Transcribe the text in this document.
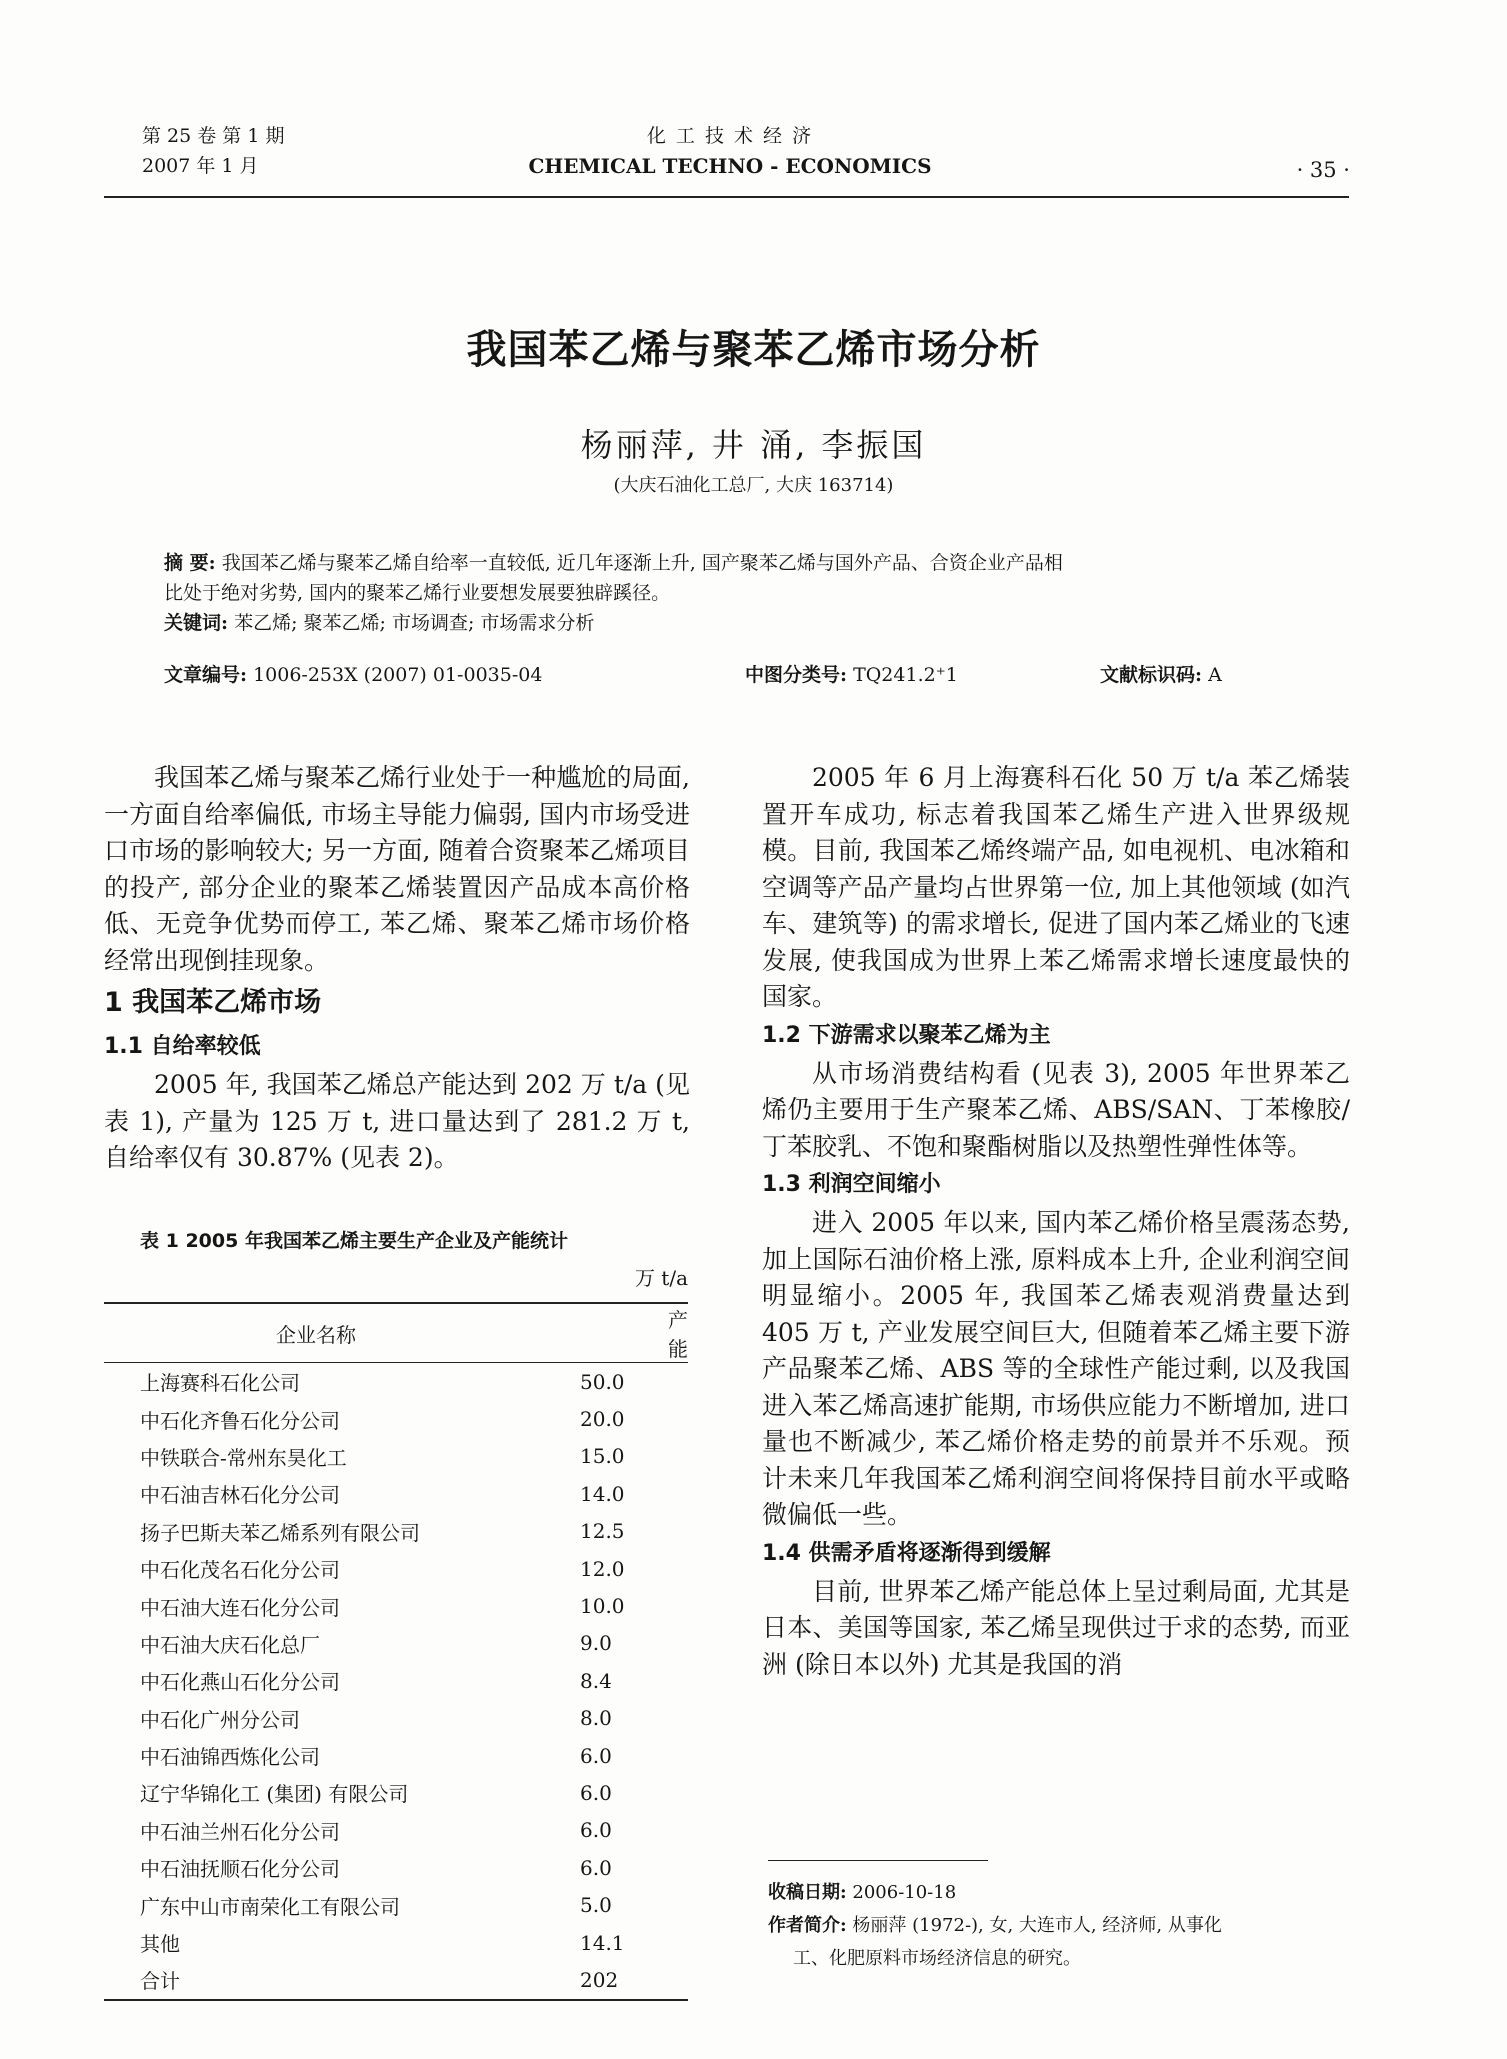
第 25 卷 第 1 期
2007 年 1 月
化 工 技 术 经 济
CHEMICAL TECHNO - ECONOMICS	· 35 ·
我国苯乙烯与聚苯乙烯市场分析
杨丽萍, 井 涌, 李振国
(大庆石油化工总厂, 大庆 163714)
摘 要: 我国苯乙烯与聚苯乙烯自给率一直较低, 近几年逐渐上升, 国产聚苯乙烯与国外产品、合资企业产品相
比处于绝对劣势, 国内的聚苯乙烯行业要想发展要独辟蹊径。
关键词: 苯乙烯; 聚苯乙烯; 市场调查; 市场需求分析
文章编号: 1006-253X (2007) 01-0035-04	中图分类号: TQ241.2⁺1	文献标识码: A

我国苯乙烯与聚苯乙烯行业处于一种尴尬的局面, 一方面自给率偏低, 市场主导能力偏弱, 国内市场受进口市场的影响较大; 另一方面, 随着合资聚苯乙烯项目的投产, 部分企业的聚苯乙烯装置因产品成本高价格低、无竞争优势而停工, 苯乙烯、聚苯乙烯市场价格经常出现倒挂现象。

1 我国苯乙烯市场
1.1 自给率较低

2005 年, 我国苯乙烯总产能达到 202 万 t/a (见表 1), 产量为 125 万 t, 进口量达到了 281.2 万 t, 自给率仅有 30.87% (见表 2)。

表 1 2005 年我国苯乙烯主要生产企业及产能统计
万 t/a
企业名称	产能
上海赛科石化公司	50.0
中石化齐鲁石化分公司	20.0
中铁联合-常州东昊化工	15.0
中石油吉林石化分公司	14.0
扬子巴斯夫苯乙烯系列有限公司	12.5
中石化茂名石化分公司	12.0
中石油大连石化分公司	10.0
中石油大庆石化总厂	9.0
中石化燕山石化分公司	8.4
中石化广州分公司	8.0
中石油锦西炼化公司	6.0
辽宁华锦化工 (集团) 有限公司	6.0
中石油兰州石化分公司	6.0
中石油抚顺石化分公司	6.0
广东中山市南荣化工有限公司	5.0
其他	14.1
合计	202

2005 年 6 月上海赛科石化 50 万 t/a 苯乙烯装置开车成功, 标志着我国苯乙烯生产进入世界级规模。目前, 我国苯乙烯终端产品, 如电视机、电冰箱和空调等产品产量均占世界第一位, 加上其他领域 (如汽车、建筑等) 的需求增长, 促进了国内苯乙烯业的飞速发展, 使我国成为世界上苯乙烯需求增长速度最快的国家。

1.2 下游需求以聚苯乙烯为主

从市场消费结构看 (见表 3), 2005 年世界苯乙烯仍主要用于生产聚苯乙烯、ABS/SAN、丁苯橡胶/丁苯胶乳、不饱和聚酯树脂以及热塑性弹性体等。

1.3 利润空间缩小

进入 2005 年以来, 国内苯乙烯价格呈震荡态势, 加上国际石油价格上涨, 原料成本上升, 企业利润空间明显缩小。2005 年, 我国苯乙烯表观消费量达到 405 万 t, 产业发展空间巨大, 但随着苯乙烯主要下游产品聚苯乙烯、ABS 等的全球性产能过剩, 以及我国进入苯乙烯高速扩能期, 市场供应能力不断增加, 进口量也不断减少, 苯乙烯价格走势的前景并不乐观。预计未来几年我国苯乙烯利润空间将保持目前水平或略微偏低一些。

1.4 供需矛盾将逐渐得到缓解

目前, 世界苯乙烯产能总体上呈过剩局面, 尤其是日本、美国等国家, 苯乙烯呈现供过于求的态势, 而亚洲 (除日本以外) 尤其是我国的消

收稿日期: 2006-10-18
作者简介: 杨丽萍 (1972-), 女, 大连市人, 经济师, 从事化
工、化肥原料市场经济信息的研究。
